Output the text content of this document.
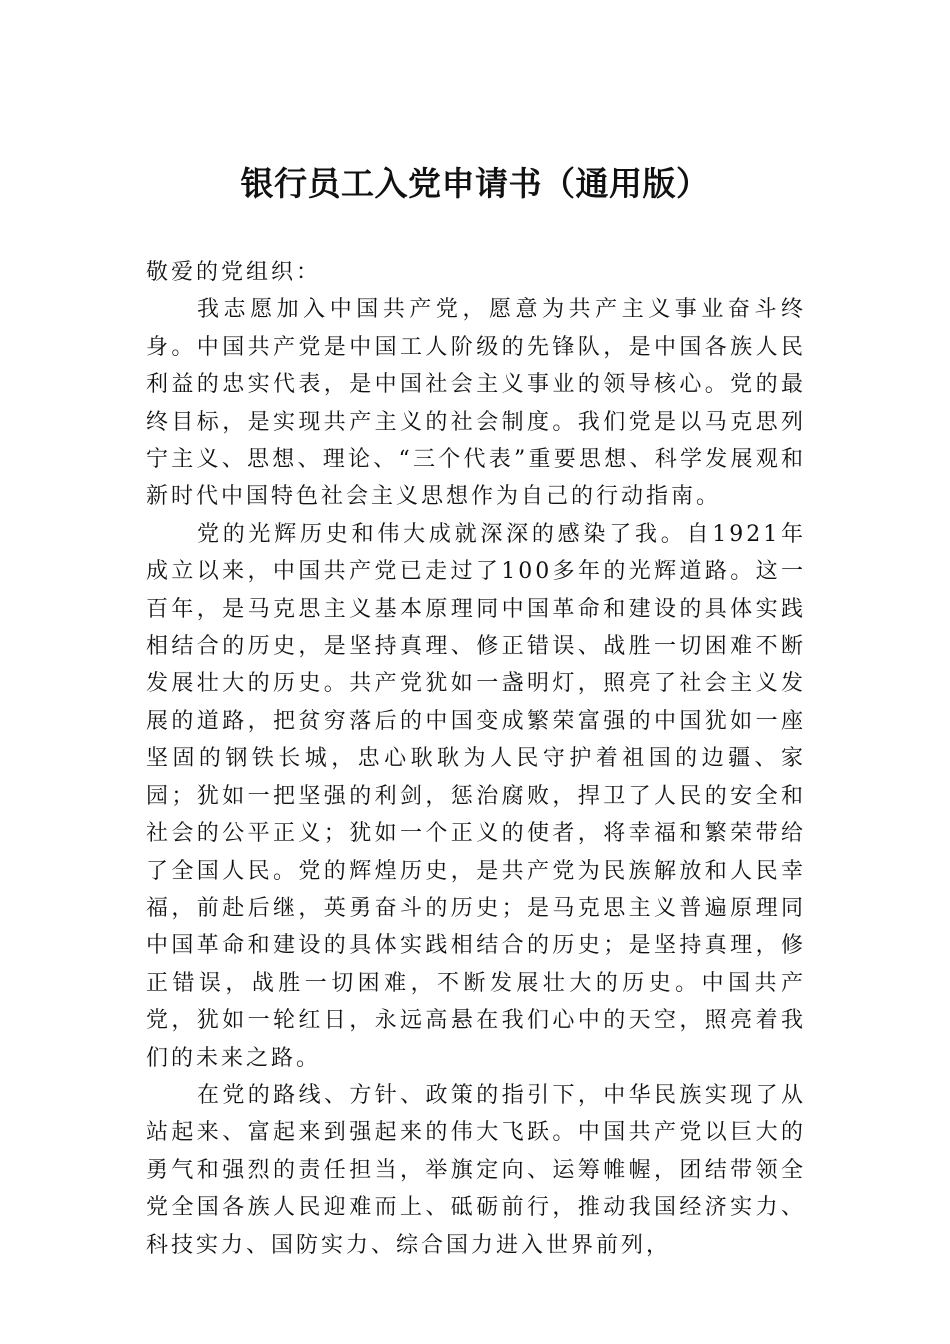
银行员工入党申请书（通用版）

敬爱的党组织：

我志愿加入中国共产党，愿意为共产主义事业奋斗终身。中国共产党是中国工人阶级的先锋队，是中国各族人民利益的忠实代表，是中国社会主义事业的领导核心。党的最终目标，是实现共产主义的社会制度。我们党是以马克思列宁主义、思想、理论、“三个代表”重要思想、科学发展观和新时代中国特色社会主义思想作为自己的行动指南。

党的光辉历史和伟大成就深深的感染了我。自1921年成立以来，中国共产党已走过了100多年的光辉道路。这一百年，是马克思主义基本原理同中国革命和建设的具体实践相结合的历史，是坚持真理、修正错误、战胜一切困难不断发展壮大的历史。共产党犹如一盏明灯，照亮了社会主义发展的道路，把贫穷落后的中国变成繁荣富强的中国犹如一座坚固的钢铁长城，忠心耿耿为人民守护着祖国的边疆、家园；犹如一把坚强的利剑，惩治腐败，捍卫了人民的安全和社会的公平正义；犹如一个正义的使者，将幸福和繁荣带给了全国人民。党的辉煌历史，是共产党为民族解放和人民幸福，前赴后继，英勇奋斗的历史；是马克思主义普遍原理同中国革命和建设的具体实践相结合的历史；是坚持真理，修正错误，战胜一切困难，不断发展壮大的历史。中国共产党，犹如一轮红日，永远高悬在我们心中的天空，照亮着我们的未来之路。

在党的路线、方针、政策的指引下，中华民族实现了从站起来、富起来到强起来的伟大飞跃。中国共产党以巨大的勇气和强烈的责任担当，举旗定向、运筹帷幄，团结带领全党全国各族人民迎难而上、砥砺前行，推动我国经济实力、科技实力、国防实力、综合国力进入世界前列，
